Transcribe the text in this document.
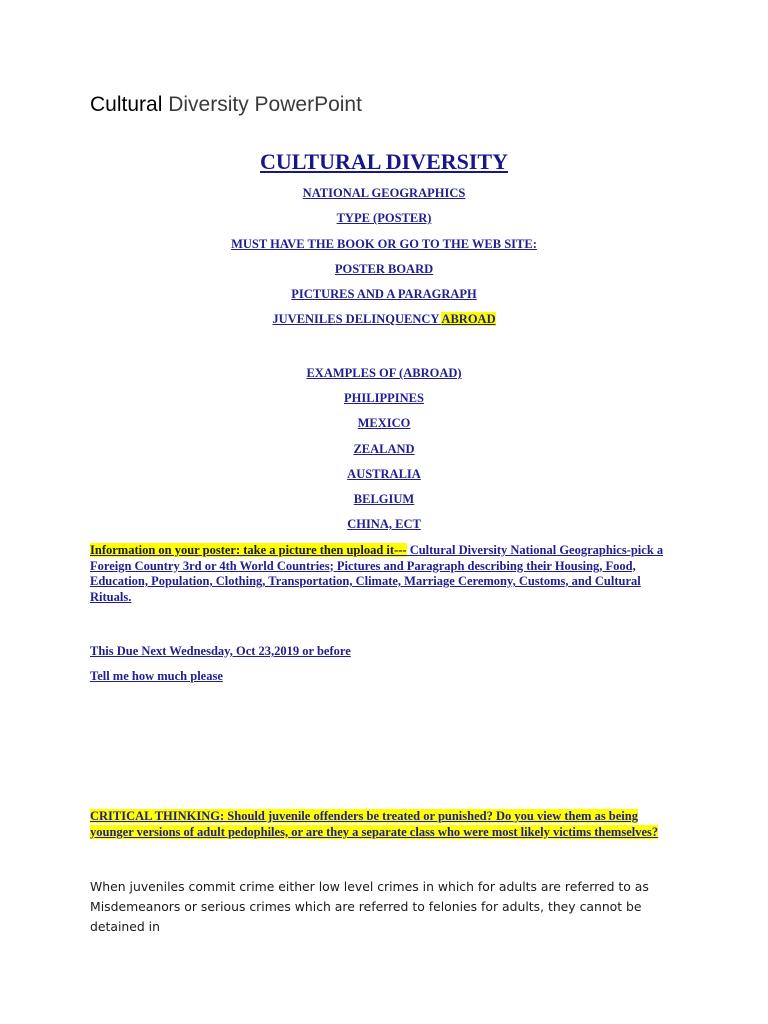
Cultural Diversity PowerPoint
CULTURAL DIVERSITY
NATIONAL GEOGRAPHICS
TYPE (POSTER)
MUST HAVE THE BOOK OR GO TO THE WEB SITE:
POSTER BOARD
PICTURES AND A PARAGRAPH
JUVENILES DELINQUENCY ABROAD
EXAMPLES OF (ABROAD)
PHILIPPINES
MEXICO
ZEALAND
AUSTRALIA
BELGIUM
CHINA, ECT
Information on your poster: take a picture then upload it--- Cultural Diversity National Geographics-pick a Foreign Country 3rd or 4th World Countries; Pictures and Paragraph describing their Housing, Food, Education, Population, Clothing, Transportation, Climate, Marriage Ceremony, Customs, and Cultural Rituals.
This Due Next Wednesday, Oct 23,2019 or before
Tell me how much please
CRITICAL THINKING: Should juvenile offenders be treated or punished? Do you view them as being younger versions of adult pedophiles, or are they a separate class who were most likely victims themselves?
When juveniles commit crime either low level crimes in which for adults are referred to as Misdemeanors or serious crimes which are referred to felonies for adults, they cannot be detained in
